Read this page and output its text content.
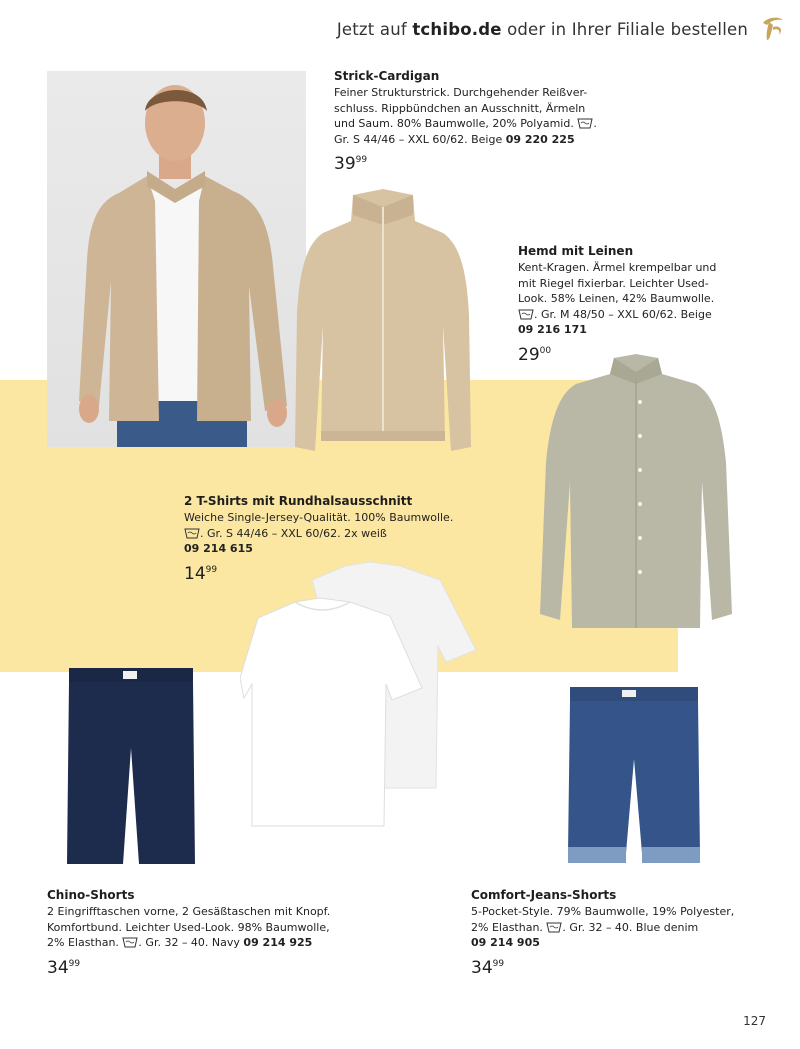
Jetzt auf tchibo.de oder in Ihrer Filiale bestellen
Strick-Cardigan
Feiner Strukturstrick. Durchgehender Reißver-
schluss. Rippbündchen an Ausschnitt, Ärmeln
und Saum. 80% Baumwolle, 20% Polyamid. .
Gr. S 44/46 – XXL 60/62. Beige 09 220 225
$39^{99}$
Hemd mit Leinen
Kent-Kragen. Ärmel krempelbar und
mit Riegel fixierbar. Leichter Used-
Look. 58% Leinen, 42% Baumwolle.
. Gr. M 48/50 – XXL 60/62. Beige
09 216 171
$29^{00}$
2 T-Shirts mit Rundhalsausschnitt
Weiche Single-Jersey-Qualität. 100% Baumwolle.
. Gr. S 44/46 – XXL 60/62. 2x weiß
09 214 615
$14^{99}$
Chino-Shorts
2 Eingrifftaschen vorne, 2 Gesäßtaschen mit Knopf.
Komfortbund. Leichter Used-Look. 98% Baumwolle,
2% Elasthan. . Gr. 32 – 40. Navy 09 214 925
$34^{99}$
Comfort-Jeans-Shorts
5-Pocket-Style. 79% Baumwolle, 19% Polyester,
2% Elasthan. . Gr. 32 – 40. Blue denim
09 214 905
$34^{99}$
127
